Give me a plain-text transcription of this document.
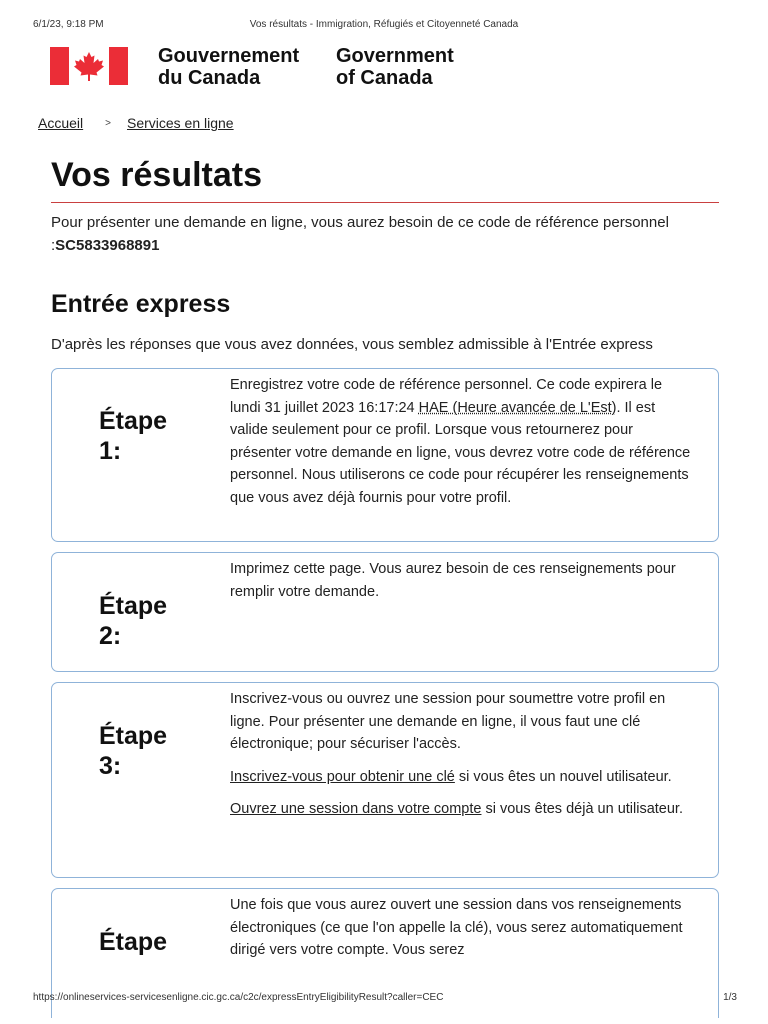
6/1/23, 9:18 PM	Vos résultats - Immigration, Réfugiés et Citoyenneté Canada
Gouvernement
du Canada
Government
of Canada
Accueil > Services en ligne
Vos résultats

Pour présenter une demande en ligne, vous aurez besoin de ce code de référence personnel :SC5833968891

Entrée express

D'après les réponses que vous avez données, vous semblez admissible à l'Entrée express

Étape
1:
Enregistrez votre code de référence personnel. Ce code expirera le lundi 31 juillet 2023 16:17:24 HAE (Heure avancée de L'Est). Il est valide seulement pour ce profil. Lorsque vous retournerez pour présenter votre demande en ligne, vous devrez votre code de référence personnel. Nous utiliserons ce code pour récupérer les renseignements que vous avez déjà fournis pour votre profil.
Étape
2:
Imprimez cette page. Vous aurez besoin de ces renseignements pour remplir votre demande.
Étape
3:

Inscrivez-vous ou ouvrez une session pour soumettre votre profil en ligne. Pour présenter une demande en ligne, il vous faut une clé électronique; pour sécuriser l'accès.

Inscrivez-vous pour obtenir une clé si vous êtes un nouvel utilisateur.

Ouvrez une session dans votre compte si vous êtes déjà un utilisateur.

Étape
Une fois que vous aurez ouvert une session dans vos renseignements électroniques (ce que l'on appelle la clé), vous serez automatiquement dirigé vers votre compte. Vous serez
https://onlineservices-servicesenligne.cic.gc.ca/c2c/expressEntryEligibilityResult?caller=CEC	1/3
